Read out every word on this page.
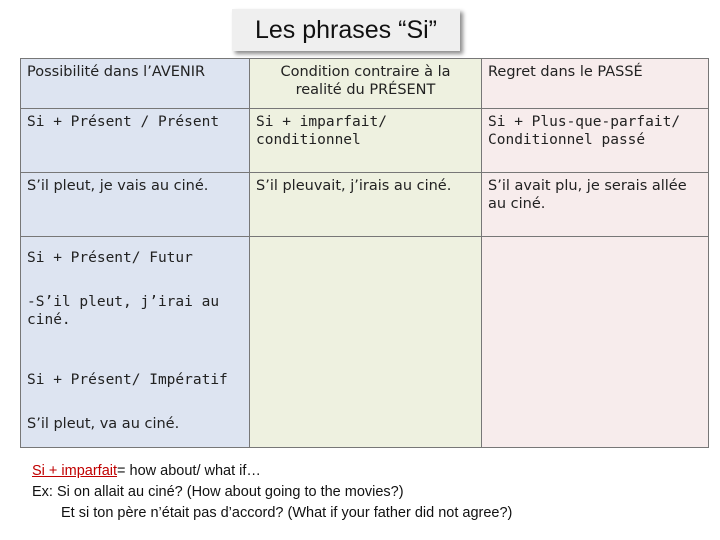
Les phrases “Si”
Possibilité dans l’AVENIR	Condition contraire à la realité du PRÉSENT	Regret dans le PASSÉ
Si + Présent / Présent	Si + imparfait/ conditionnel	Si + Plus-que-parfait/ Conditionnel passé
S’il pleut, je vais au ciné.	S’il pleuvait, j’irais au ciné.	S’il avait plu, je serais allée au ciné.

Si + Présent/ Futur
-S’il pleut, j’irai au ciné.
Si + Présent/ Impératif
S’il pleut, va au ciné.		

Si + imparfait= how about/ what if…
Ex: Si on allait au ciné? (How about going to the movies?)
Et si ton père n’était pas d’accord? (What if your father did not agree?)
